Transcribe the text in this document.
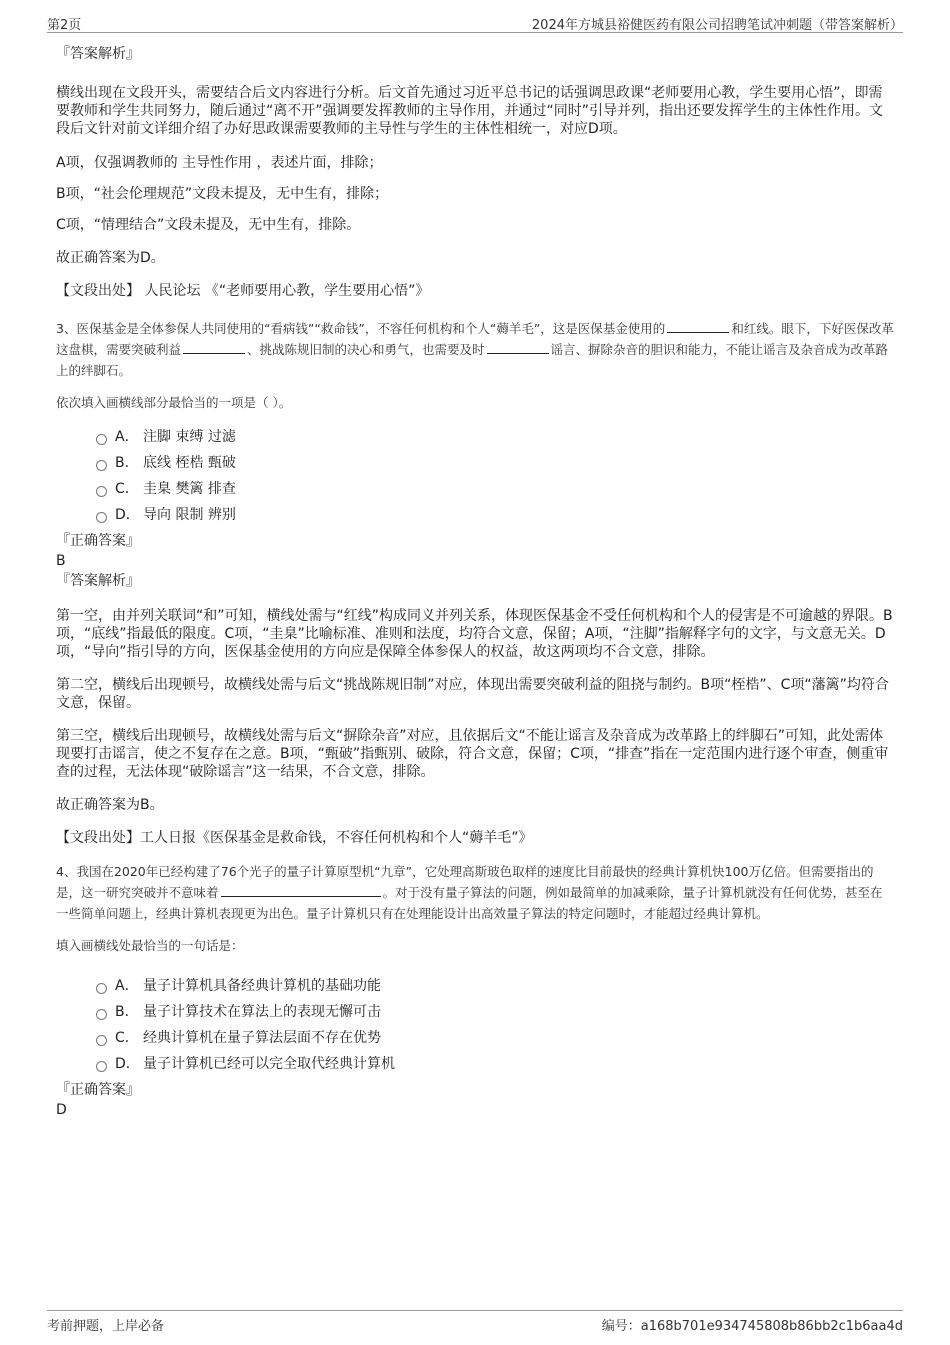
第2页	2024年方城县裕健医药有限公司招聘笔试冲刺题（带答案解析）

『答案解析』

横线出现在文段开头，需要结合后文内容进行分析。后文首先通过习近平总书记的话强调思政课“老师要用心教，学生要用心悟”，即需要教师和学生共同努力，随后通过“离不开”强调要发挥教师的主导作用，并通过“同时”引导并列，指出还要发挥学生的主体性作用。文段后文针对前文详细介绍了办好思政课需要教师的主导性与学生的主体性相统一，对应D项。

A项，仅强调教师的 主导性作用 ，表述片面，排除；

B项，“社会伦理规范”文段未提及，无中生有，排除；

C项，“情理结合”文段未提及，无中生有，排除。

故正确答案为D。

【文段出处】 人民论坛 《“老师要用心教，学生要用心悟”》

3、医保基金是全体参保人共同使用的“看病钱”“救命钱”，不容任何机构和个人“薅羊毛”，这是医保基金使用的	和红线。眼下，下好医保改革这盘棋，需要突破利益	、挑战陈规旧制的决心和勇气，也需要及时	谣言、摒除杂音的胆识和能力，不能让谣言及杂音成为改革路上的绊脚石。

依次填入画横线部分最恰当的一项是（ ）。

A． 注脚 束缚 过滤
B． 底线 桎梏 甄破
C． 圭臬 樊篱 排查
D． 导向 限制 辨别

『正确答案』

B

『答案解析』

第一空，由并列关联词“和”可知，横线处需与“红线”构成同义并列关系，体现医保基金不受任何机构和个人的侵害是不可逾越的界限。B项，“底线”指最低的限度。C项，“圭臬”比喻标准、准则和法度，均符合文意，保留；A项，“注脚”指解释字句的文字，与文意无关。D项，“导向”指引导的方向，医保基金使用的方向应是保障全体参保人的权益，故这两项均不合文意，排除。

第二空，横线后出现顿号，故横线处需与后文“挑战陈规旧制”对应，体现出需要突破利益的阻挠与制约。B项“桎梏”、C项“藩篱”均符合文意，保留。

第三空，横线后出现顿号，故横线处需与后文“摒除杂音”对应，且依据后文“不能让谣言及杂音成为改革路上的绊脚石”可知，此处需体现要打击谣言，使之不复存在之意。B项，“甄破”指甄别、破除，符合文意，保留；C项，“排查”指在一定范围内进行逐个审查，侧重审查的过程，无法体现“破除谣言”这一结果，不合文意，排除。

故正确答案为B。

【文段出处】工人日报《医保基金是救命钱，不容任何机构和个人“薅羊毛”》

4、我国在2020年已经构建了76个光子的量子计算原型机“九章”，它处理高斯玻色取样的速度比目前最快的经典计算机快100万亿倍。但需要指出的是，这一研究突破并不意味着	。对于没有量子算法的问题，例如最简单的加减乘除，量子计算机就没有任何优势，甚至在一些简单问题上，经典计算机表现更为出色。量子计算机只有在处理能设计出高效量子算法的特定问题时，才能超过经典计算机。

填入画横线处最恰当的一句话是：

A． 量子计算机具备经典计算机的基础功能
B． 量子计算技术在算法上的表现无懈可击
C． 经典计算机在量子算法层面不存在优势
D． 量子计算机已经可以完全取代经典计算机

『正确答案』

D

考前押题，上岸必备	编号：a168b701e934745808b86bb2c1b6aa4d
